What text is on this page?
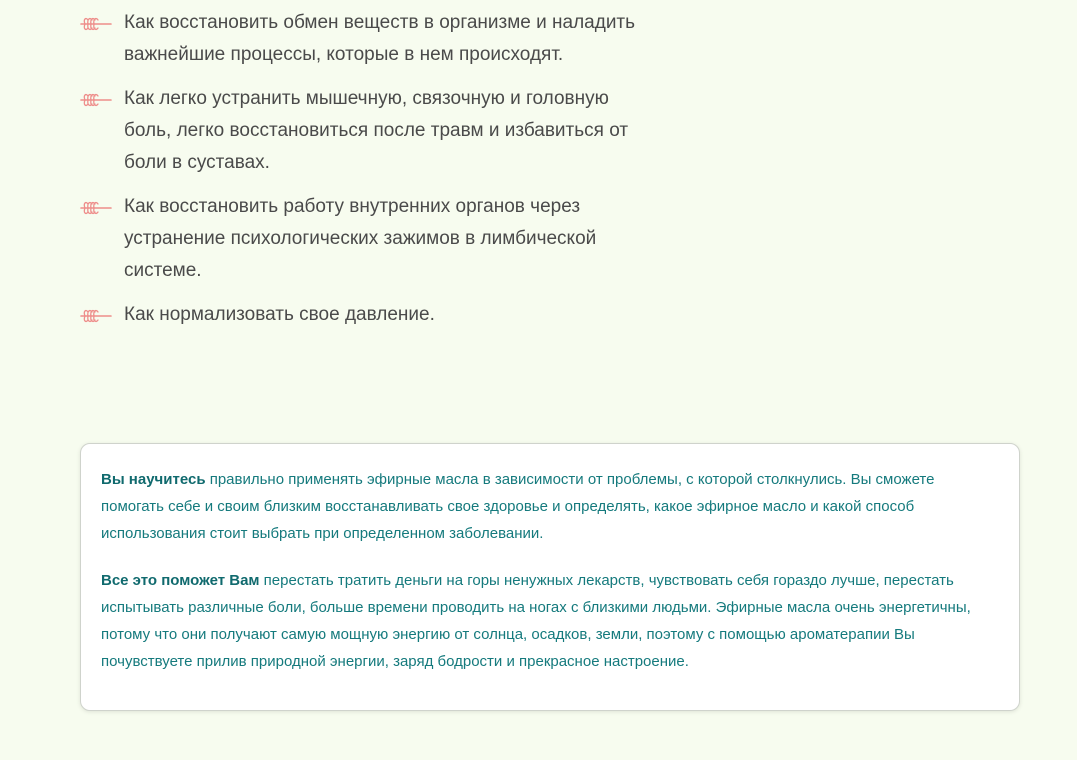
Как восстановить обмен веществ в организме и наладить важнейшие процессы, которые в нем происходят.
Как легко устранить мышечную, связочную и головную боль, легко восстановиться после травм и избавиться от боли в суставах.
Как восстановить работу внутренних органов через устранение психологических зажимов в лимбической системе.
Как нормализовать свое давление.

Вы научитесь правильно применять эфирные масла в зависимости от проблемы, с которой столкнулись. Вы сможете помогать себе и своим близким восстанавливать свое здоровье и определять, какое эфирное масло и какой способ использования стоит выбрать при определенном заболевании.

Все это поможет Вам перестать тратить деньги на горы ненужных лекарств, чувствовать себя гораздо лучше, перестать испытывать различные боли, больше времени проводить на ногах с близкими людьми. Эфирные масла очень энергетичны, потому что они получают самую мощную энергию от солнца, осадков, земли, поэтому с помощью ароматерапии Вы почувствуете прилив природной энергии, заряд бодрости и прекрасное настроение.
